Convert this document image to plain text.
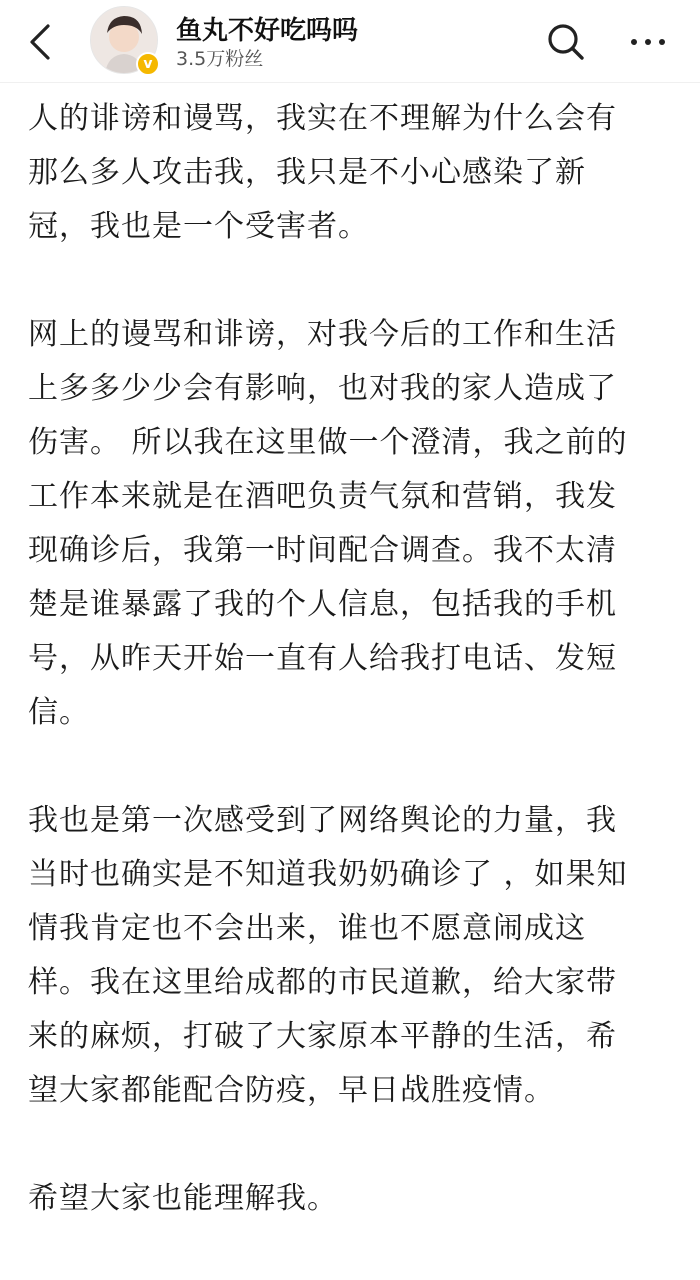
v
鱼丸不好吃吗吗
3.5万粉丝
人的诽谤和谩骂，我实在不理解为什么会有
那么多人攻击我，我只是不小心感染了新
冠，我也是一个受害者。
网上的谩骂和诽谤，对我今后的工作和生活
上多多少少会有影响，也对我的家人造成了
伤害。 所以我在这里做一个澄清，我之前的
工作本来就是在酒吧负责气氛和营销，我发
现确诊后，我第一时间配合调查。我不太清
楚是谁暴露了我的个人信息，包括我的手机
号，从昨天开始一直有人给我打电话、发短
信。
我也是第一次感受到了网络舆论的力量，我
当时也确实是不知道我奶奶确诊了 ，如果知
情我肯定也不会出来，谁也不愿意闹成这
样。我在这里给成都的市民道歉，给大家带
来的麻烦，打破了大家原本平静的生活，希
望大家都能配合防疫，早日战胜疫情。
希望大家也能理解我。
